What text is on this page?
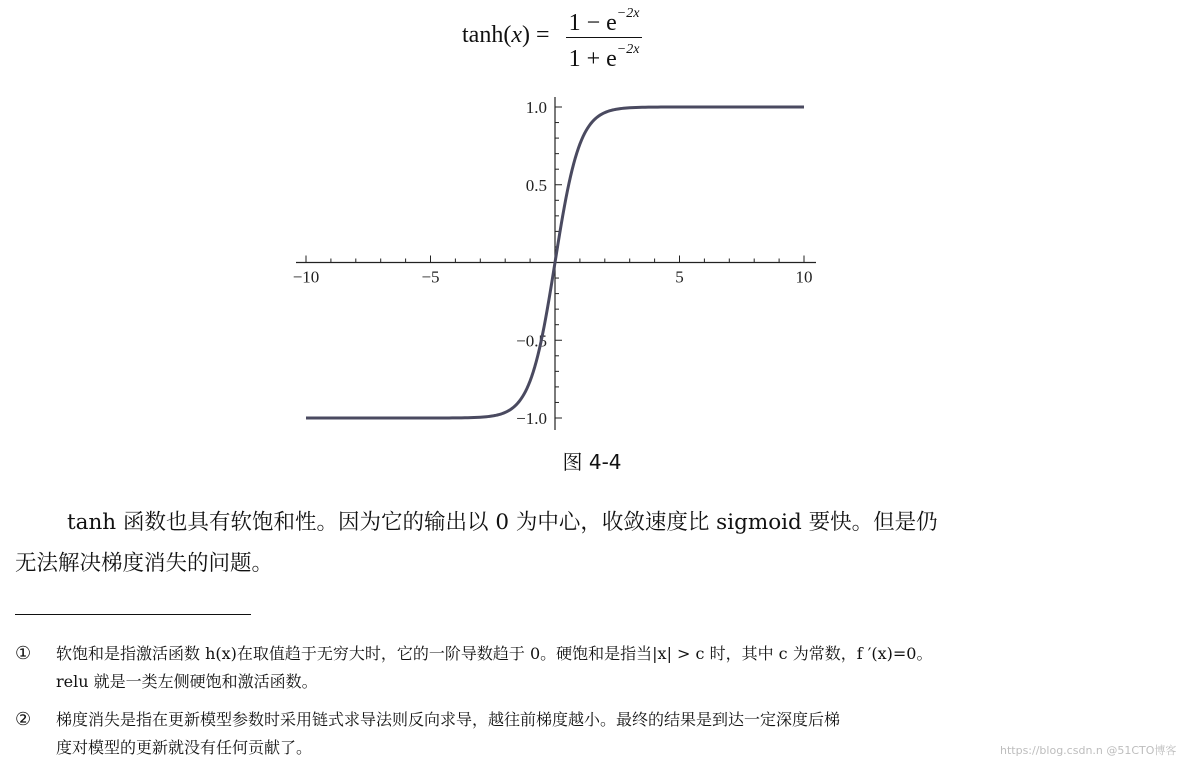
$\tanh(x) = 1 - e^{-2x}$
$1 + e^{-2x}$
−10	−5	5	10
1.0
0.5
−0.5
−1.0
图 4-4
tanh 函数也具有软饱和性。因为它的输出以 0 为中心，收敛速度比 sigmoid 要快。但是仍
无法解决梯度消失的问题。
① 软饱和是指激活函数 h(x)在取值趋于无穷大时，它的一阶导数趋于 0。硬饱和是指当|x| > c 时，其中 c 为常数，f ′(x)=0。
relu 就是一类左侧硬饱和激活函数。
② 梯度消失是指在更新模型参数时采用链式求导法则反向求导，越往前梯度越小。最终的结果是到达一定深度后梯
度对模型的更新就没有任何贡献了。	https://blog.csdn.n @51CTO博客
